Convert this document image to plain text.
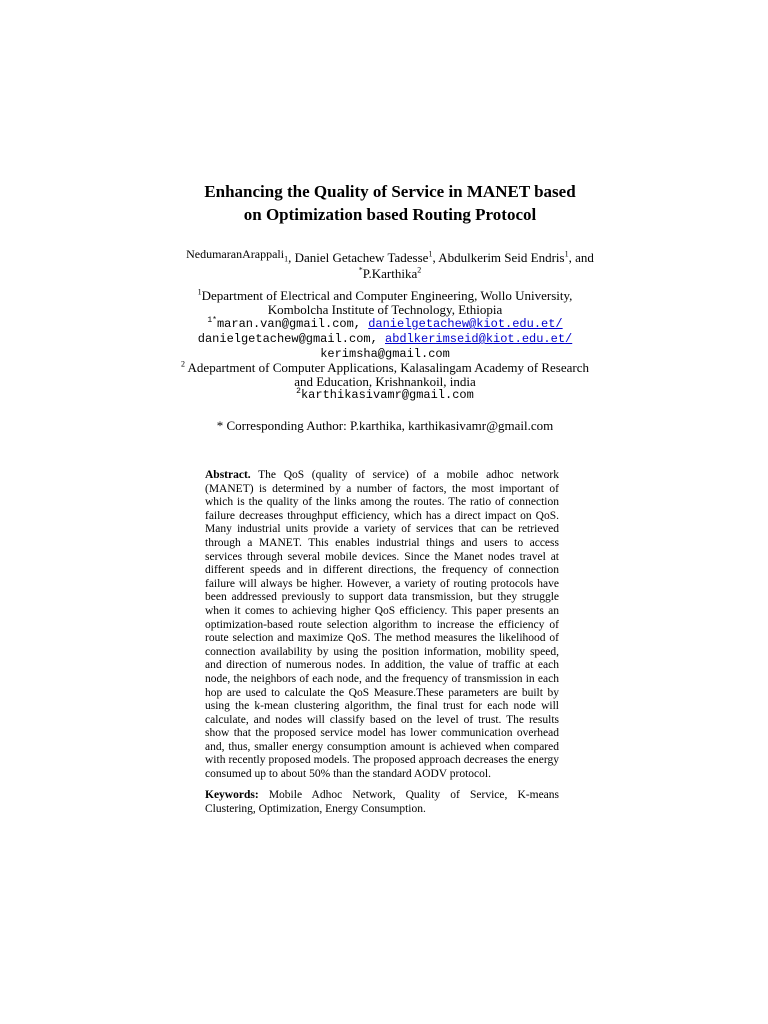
Enhancing the Quality of Service in MANET based
on Optimization based Routing Protocol
NedumaranArappali$_1$, Daniel Getachew Tadesse$^1$, Abdulkerim Seid Endris$^1$, and
*P.Karthika$^2$
$^1$Department of Electrical and Computer Engineering, Wollo University,
Kombolcha Institute of Technology, Ethiopia
$^{1*}$maran.van@gmail.com, danielgetachew@kiot.edu.et/
danielgetachew@gmail.com, abdlkerimseid@kiot.edu.et/
kerimsha@gmail.com
$^2$ Adepartment of Computer Applications, Kalasalingam Academy of Research
and Education, Krishnankoil, india
$^2$karthikasivamr@gmail.com
* Corresponding Author: P.karthika, karthikasivamr@gmail.com
Abstract. The QoS (quality of service) of a mobile adhoc network (MANET) is determined by a number of factors, the most important of which is the quality of the links among the routes. The ratio of connection failure decreases throughput efficiency, which has a direct impact on QoS. Many industrial units provide a variety of services that can be retrieved through a MANET. This enables industrial things and users to access services through several mobile devices. Since the Manet nodes travel at different speeds and in different directions, the frequency of connection failure will always be higher. However, a variety of routing protocols have been addressed previously to support data transmission, but they struggle when it comes to achieving higher QoS efficiency. This paper presents an optimization-based route selection algorithm to increase the efficiency of route selection and maximize QoS. The method measures the likelihood of connection availability by using the position information, mobility speed, and direction of numerous nodes. In addition, the value of traffic at each node, the neighbors of each node, and the frequency of transmission in each hop are used to calculate the QoS Measure.These parameters are built by using the k-mean clustering algorithm, the final trust for each node will calculate, and nodes will classify based on the level of trust. The results show that the proposed service model has lower communication overhead and, thus, smaller energy consumption amount is achieved when compared with recently proposed models. The proposed approach decreases the energy consumed up to about 50% than the standard AODV protocol.
Keywords: Mobile Adhoc Network, Quality of Service, K-means Clustering, Optimization, Energy Consumption.
